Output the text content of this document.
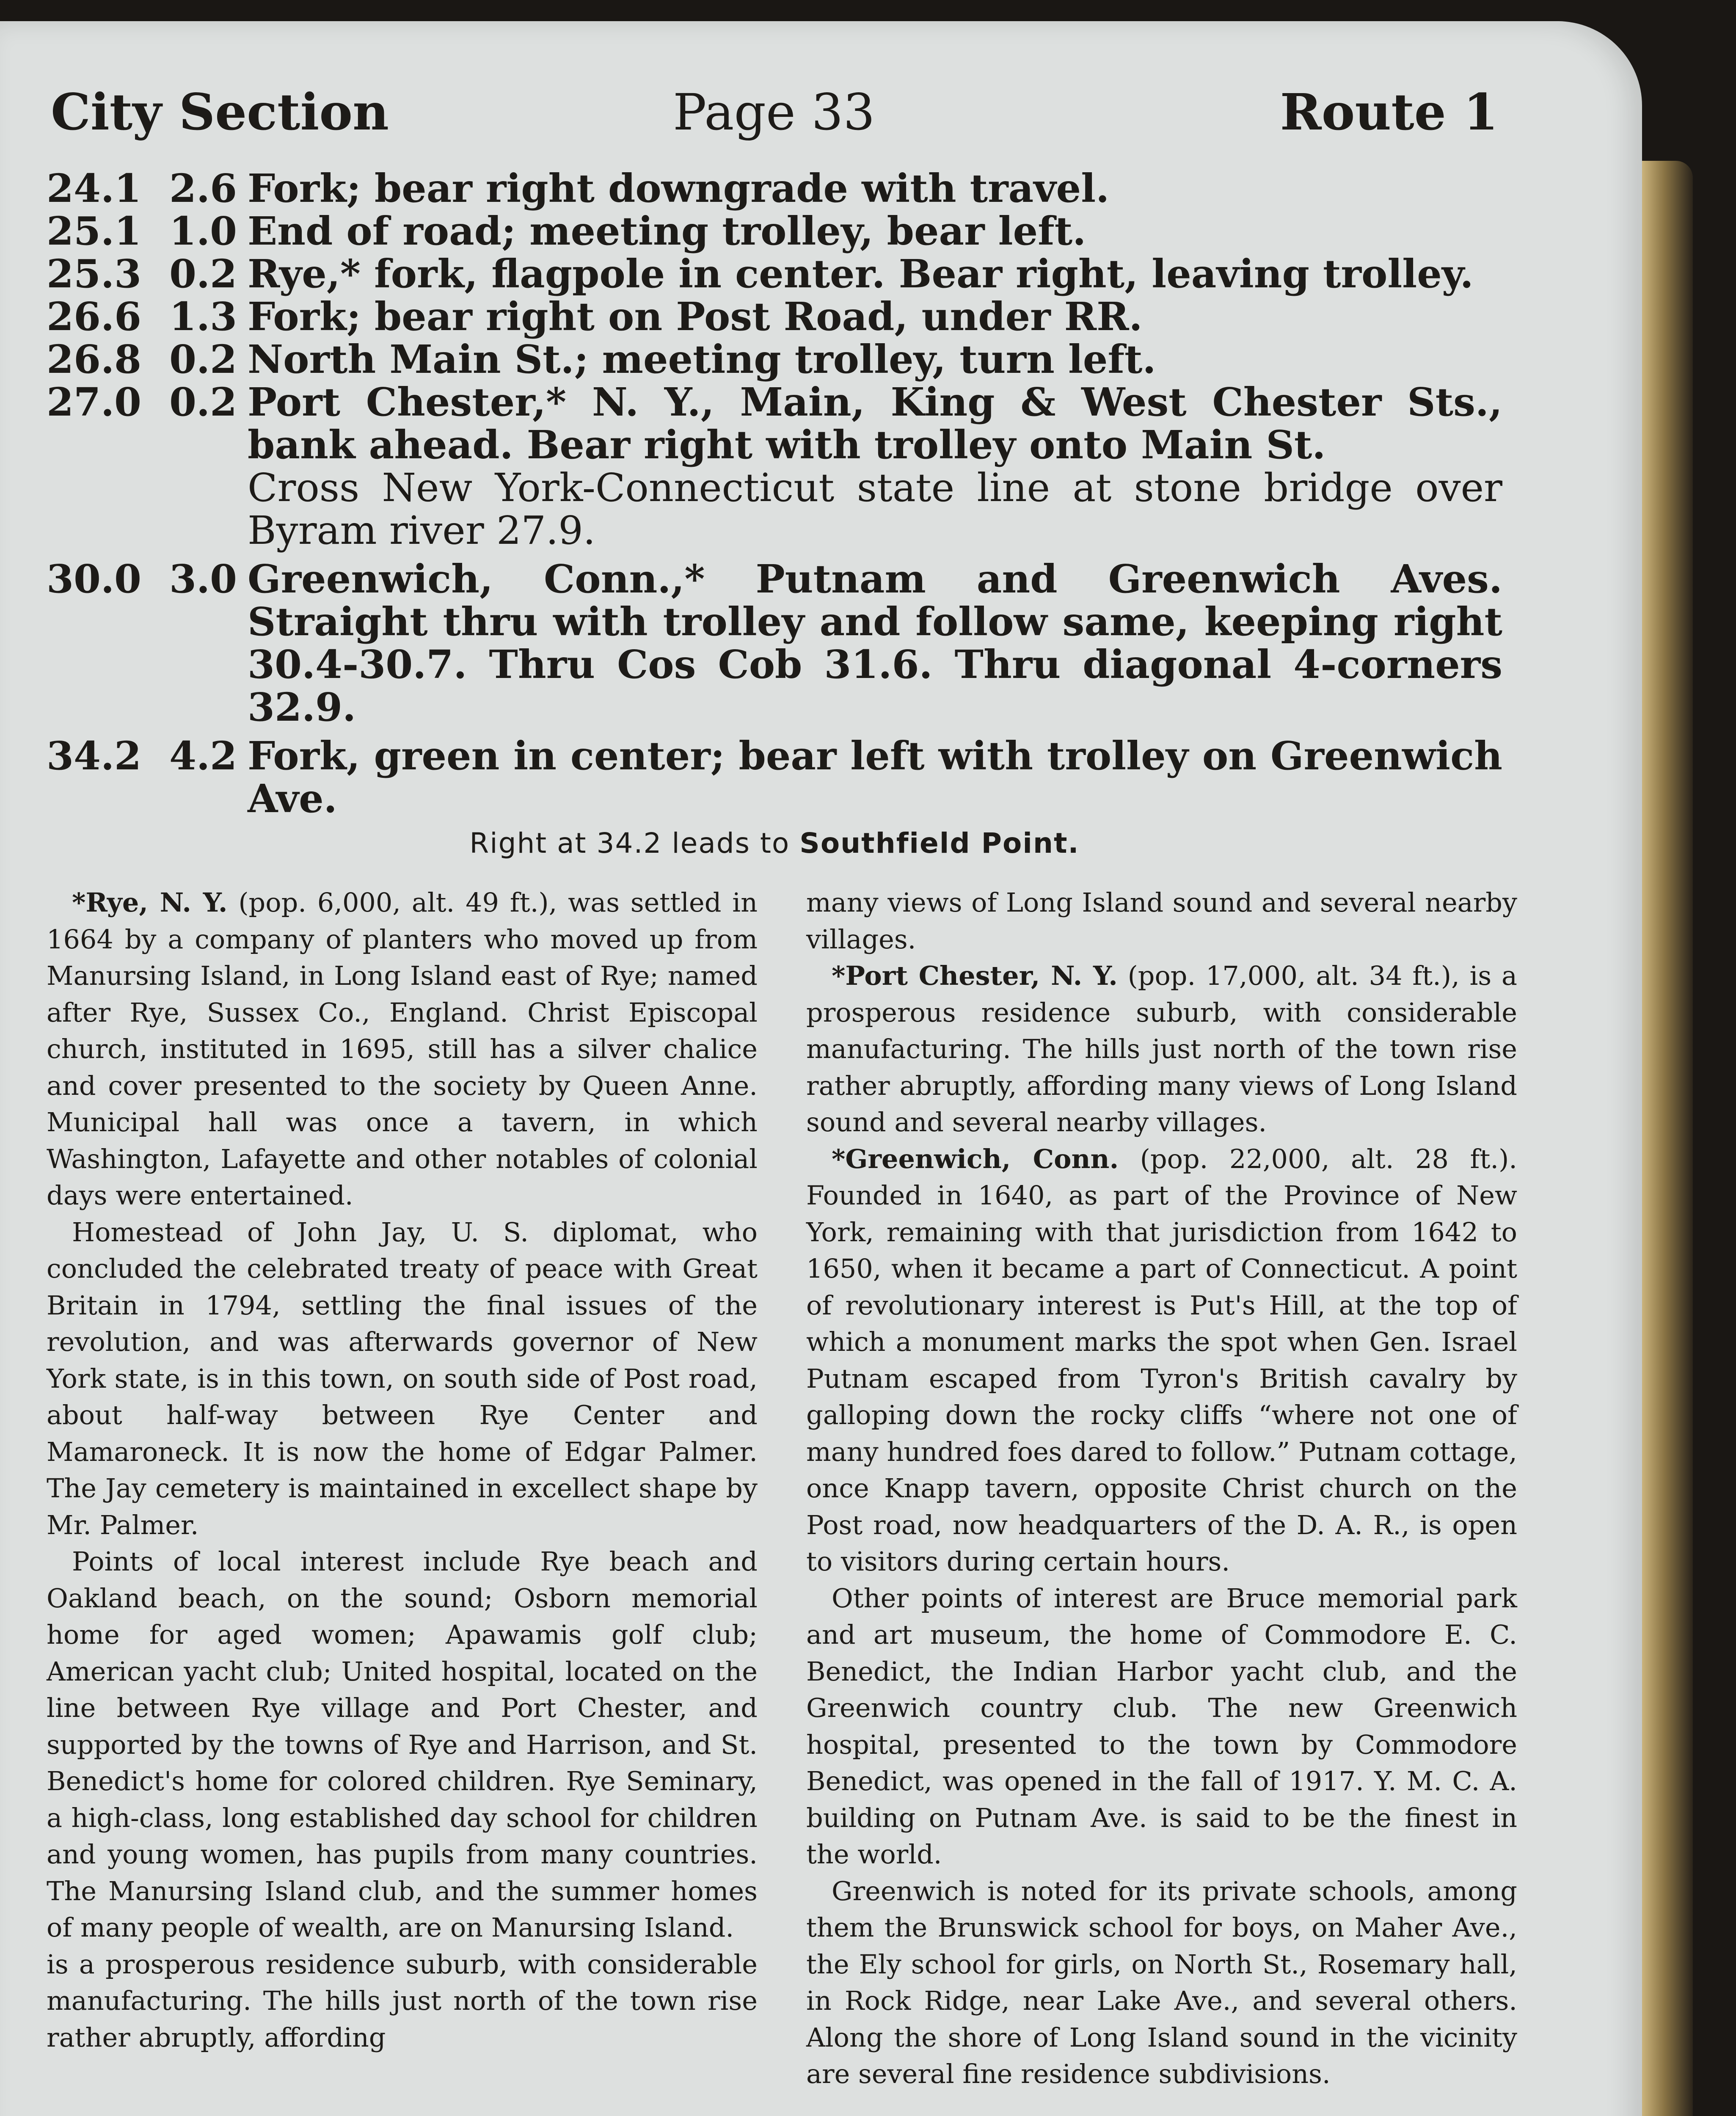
City Section	Page 33	Route 1
24.1 2.6 Fork; bear right downgrade with travel.
25.1 1.0 End of road; meeting trolley, bear left.
25.3 0.2 Rye,* fork, flagpole in center. Bear right, leaving trolley.
26.6 1.3 Fork; bear right on Post Road, under RR.
26.8 0.2 North Main St.; meeting trolley, turn left.
27.0 0.2 Port Chester,* N. Y., Main, King & West Chester Sts., bank ahead. Bear right with trolley onto Main St.
Cross New York-Connecticut state line at stone bridge over Byram river 27.9.
30.0 3.0 Greenwich, Conn.,* Putnam and Greenwich Aves. Straight thru with trolley and follow same, keeping right 30.4-30.7. Thru Cos Cob 31.6. Thru diagonal 4-corners 32.9.
34.2 4.2 Fork, green in center; bear left with trolley on Greenwich Ave.
Right at 34.2 leads to Southfield Point.

*Rye, N. Y. (pop. 6,000, alt. 49 ft.), was settled in 1664 by a company of planters who moved up from Manursing Island, in Long Island east of Rye; named after Rye, Sussex Co., England. Christ Episcopal church, instituted in 1695, still has a silver chalice and cover presented to the society by Queen Anne. Municipal hall was once a tavern, in which Washington, Lafayette and other notables of colonial days were entertained.

Homestead of John Jay, U. S. diplomat, who concluded the celebrated treaty of peace with Great Britain in 1794, settling the final issues of the revolution, and was afterwards governor of New York state, is in this town, on south side of Post road, about half-way between Rye Center and Mamaroneck. It is now the home of Edgar Palmer. The Jay cemetery is maintained in excellect shape by Mr. Palmer.

Points of local interest include Rye beach and Oakland beach, on the sound; Osborn memorial home for aged women; Apawamis golf club; American yacht club; United hospital, located on the line between Rye village and Port Chester, and supported by the towns of Rye and Harrison, and St. Benedict's home for colored children. Rye Seminary, a high-class, long established day school for children and young women, has pupils from many countries. The Manursing Island club, and the summer homes of many people of wealth, are on Manursing Island.

is a prosperous residence suburb, with considerable manufacturing. The hills just north of the town rise rather abruptly, affording

many views of Long Island sound and several nearby villages.

*Port Chester, N. Y. (pop. 17,000, alt. 34 ft.), is a prosperous residence suburb, with considerable manufacturing. The hills just north of the town rise rather abruptly, affording many views of Long Island sound and several nearby villages.

*Greenwich, Conn. (pop. 22,000, alt. 28 ft.). Founded in 1640, as part of the Province of New York, remaining with that jurisdiction from 1642 to 1650, when it became a part of Connecticut. A point of revolutionary interest is Put's Hill, at the top of which a monument marks the spot when Gen. Israel Putnam escaped from Tyron's British cavalry by galloping down the rocky cliffs “where not one of many hundred foes dared to follow.” Putnam cottage, once Knapp tavern, opposite Christ church on the Post road, now headquarters of the D. A. R., is open to visitors during certain hours.

Other points of interest are Bruce memorial park and art museum, the home of Commodore E. C. Benedict, the Indian Harbor yacht club, and the Greenwich country club. The new Greenwich hospital, presented to the town by Commodore Benedict, was opened in the fall of 1917. Y. M. C. A. building on Putnam Ave. is said to be the finest in the world.

Greenwich is noted for its private schools, among them the Brunswick school for boys, on Maher Ave., the Ely school for girls, on North St., Rosemary hall, in Rock Ridge, near Lake Ave., and several others. Along the shore of Long Island sound in the vicinity are several fine residence subdivisions.
